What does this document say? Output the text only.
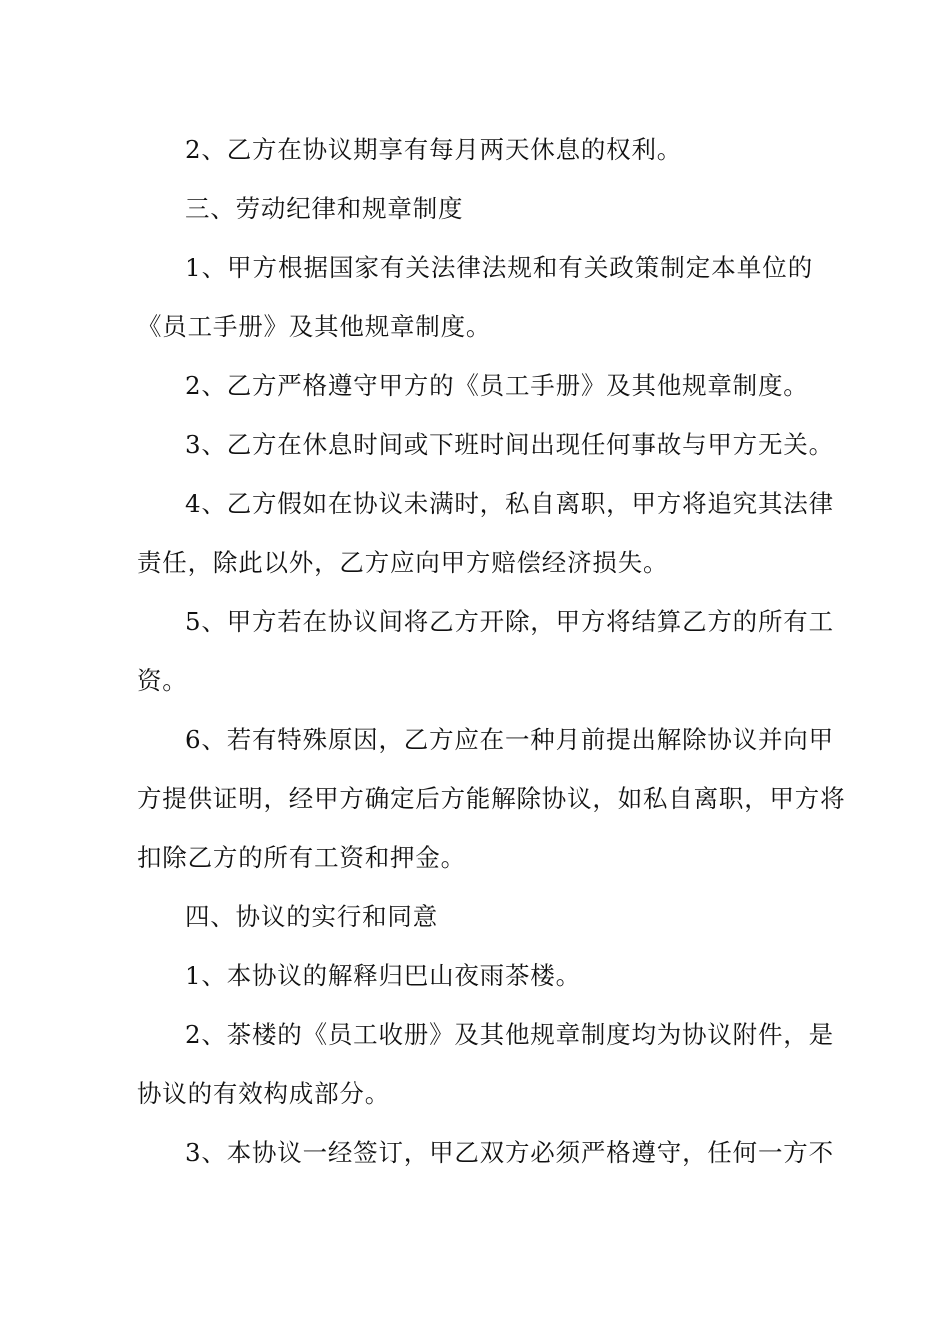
2、乙方在协议期享有每月两天休息的权利。

三、劳动纪律和规章制度

1、甲方根据国家有关法律法规和有关政策制定本单位的

《员工手册》及其他规章制度。

2、乙方严格遵守甲方的《员工手册》及其他规章制度。

3、乙方在休息时间或下班时间出现任何事故与甲方无关。

4、乙方假如在协议未满时，私自离职，甲方将追究其法律

责任，除此以外，乙方应向甲方赔偿经济损失。

5、甲方若在协议间将乙方开除，甲方将结算乙方的所有工

资。

6、若有特殊原因，乙方应在一种月前提出解除协议并向甲

方提供证明，经甲方确定后方能解除协议，如私自离职，甲方将

扣除乙方的所有工资和押金。

四、协议的实行和同意

1、本协议的解释归巴山夜雨茶楼。

2、茶楼的《员工收册》及其他规章制度均为协议附件，是

协议的有效构成部分。

3、本协议一经签订，甲乙双方必须严格遵守，任何一方不
